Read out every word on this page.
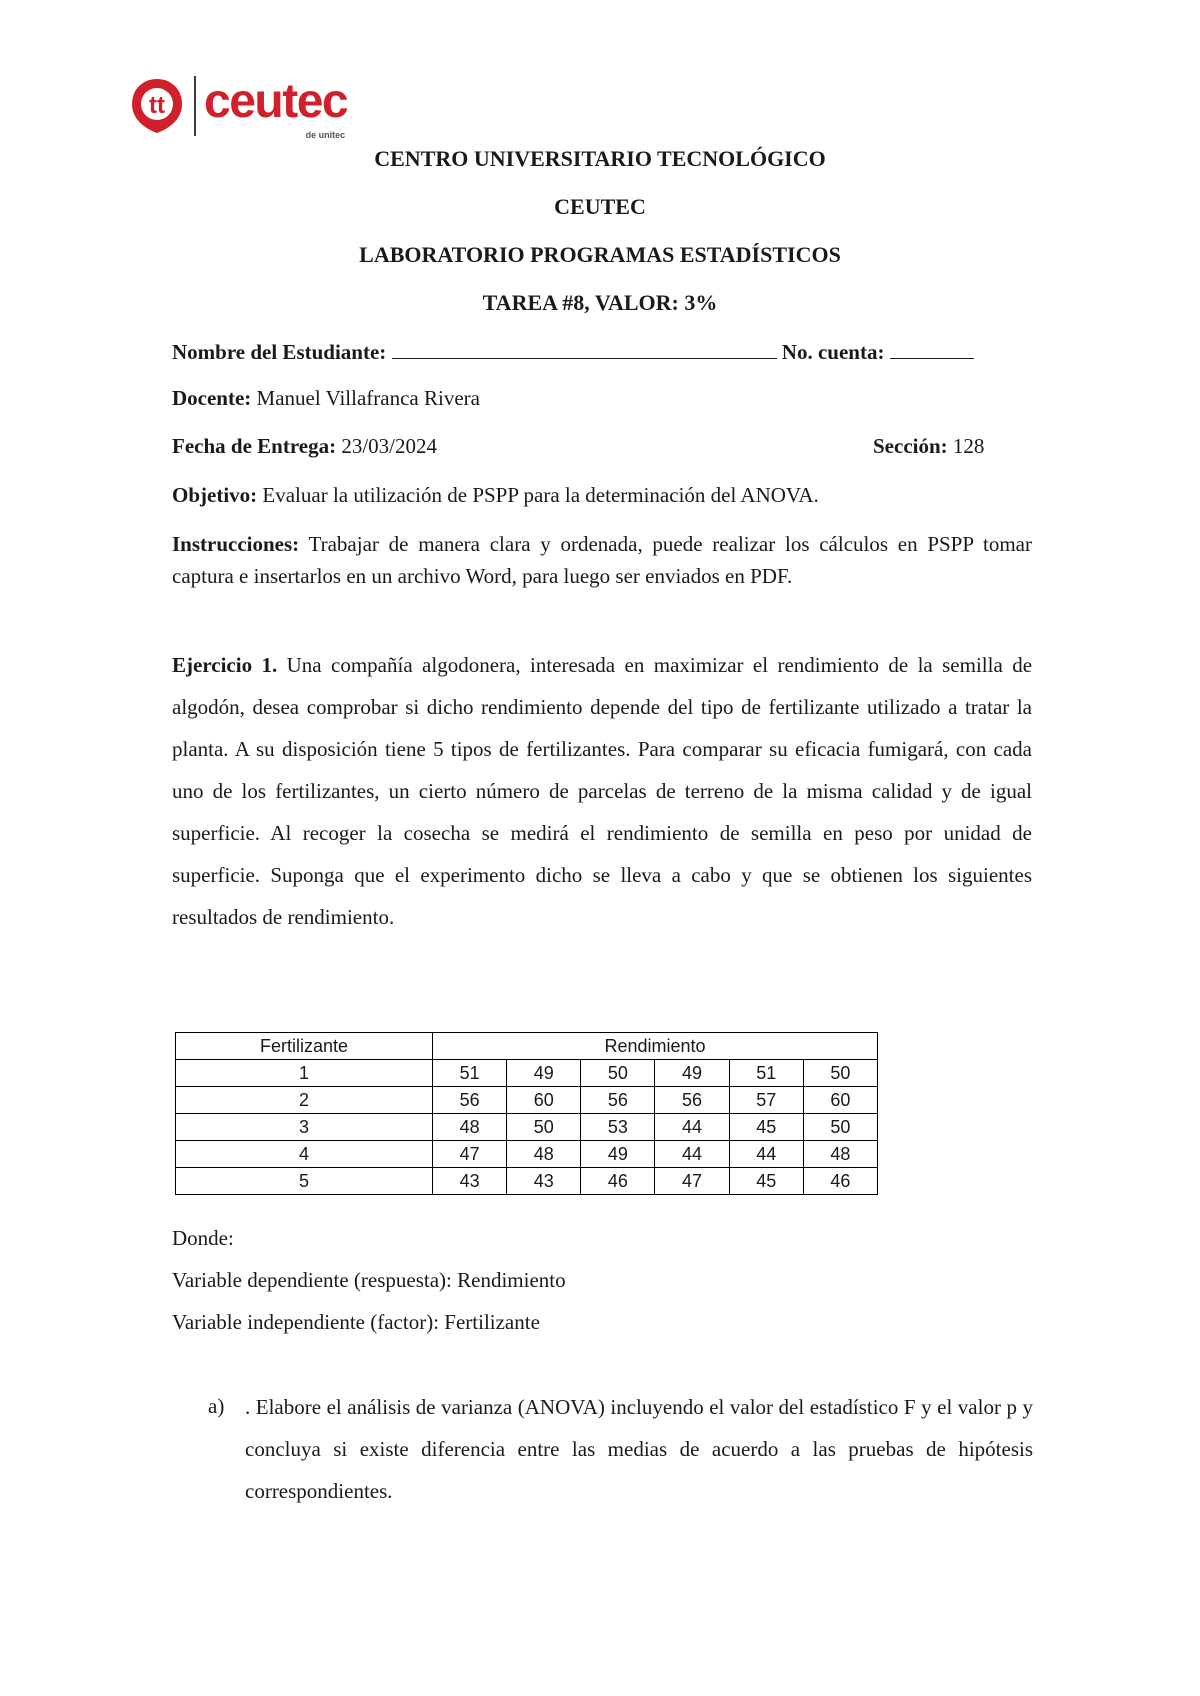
tt ceutec
de unitec
CENTRO UNIVERSITARIO TECNOLÓGICO
CEUTEC
LABORATORIO PROGRAMAS ESTADÍSTICOS
TAREA #8, VALOR: 3%
Nombre del Estudiante:	No. cuenta:
Docente: Manuel Villafranca Rivera
Fecha de Entrega: 23/03/2024	Sección: 128
Objetivo: Evaluar la utilización de PSPP para la determinación del ANOVA.
Instrucciones: Trabajar de manera clara y ordenada, puede realizar los cálculos en PSPP tomar captura e insertarlos en un archivo Word, para luego ser enviados en PDF.
Ejercicio 1. Una compañía algodonera, interesada en maximizar el rendimiento de la semilla de algodón, desea comprobar si dicho rendimiento depende del tipo de fertilizante utilizado a tratar la planta. A su disposición tiene 5 tipos de fertilizantes. Para comparar su eficacia fumigará, con cada uno de los fertilizantes, un cierto número de parcelas de terreno de la misma calidad y de igual superficie. Al recoger la cosecha se medirá el rendimiento de semilla en peso por unidad de superficie. Suponga que el experimento dicho se lleva a cabo y que se obtienen los siguientes resultados de rendimiento.
Fertilizante	Rendimiento					
1	51	49	50	49	51	50
2	56	60	56	56	57	60
3	48	50	53	44	45	50
4	47	48	49	44	44	48
5	43	43	46	47	45	46
Donde:
Variable dependiente (respuesta): Rendimiento
Variable independiente (factor): Fertilizante
a) . Elabore el análisis de varianza (ANOVA) incluyendo el valor del estadístico F y el valor p y concluya si existe diferencia entre las medias de acuerdo a las pruebas de hipótesis correspondientes.
